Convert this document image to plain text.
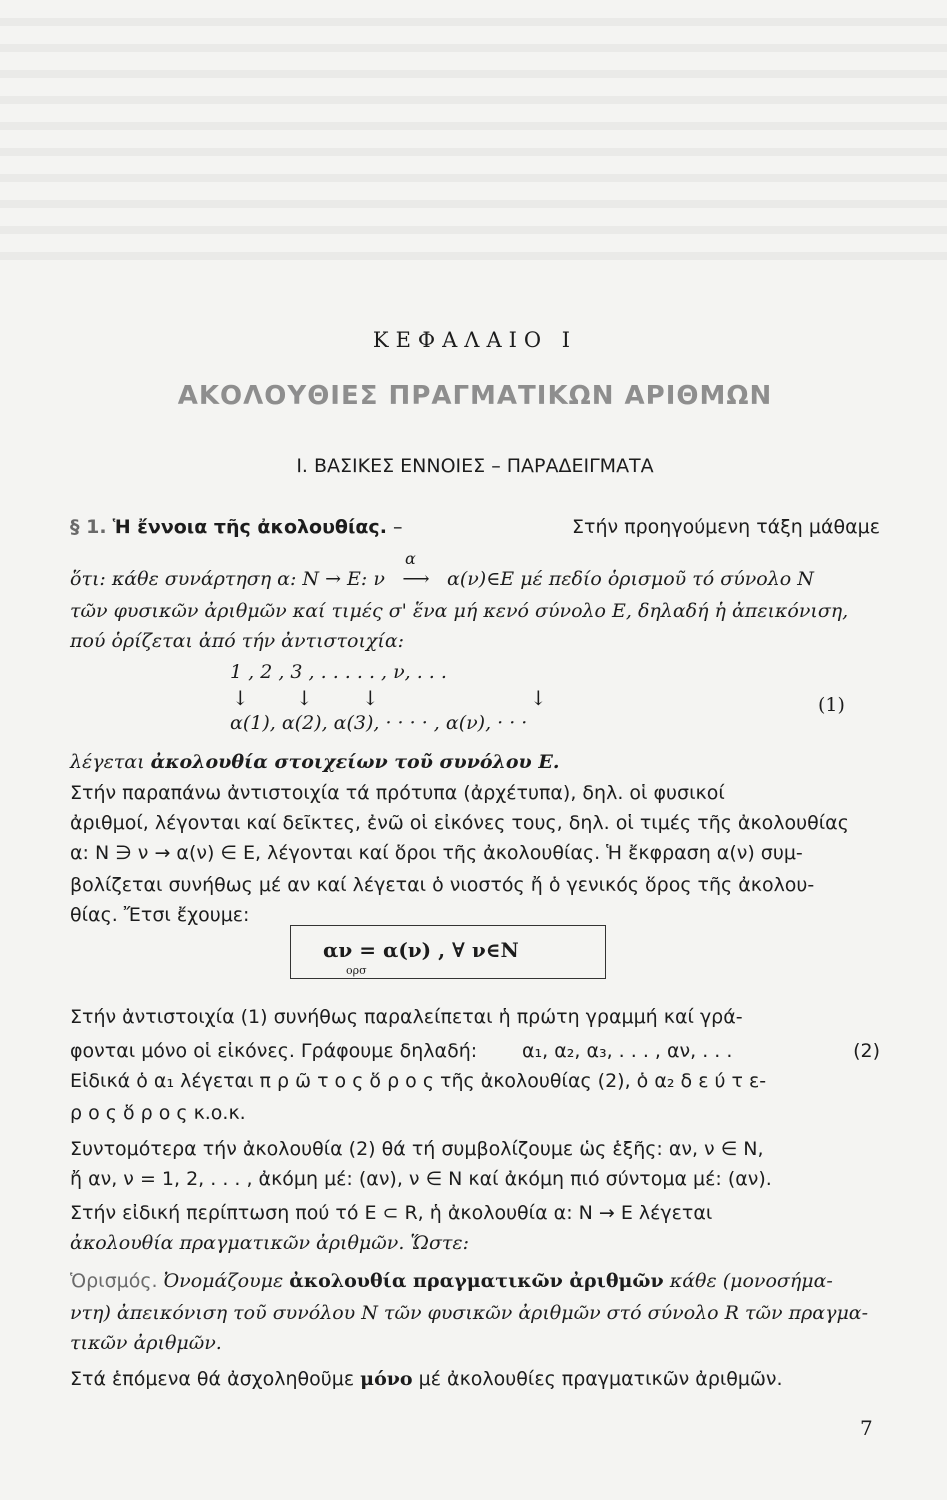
ΚΕΦΑΛΑΙΟ Ι
ΑΚΟΛΟΥΘΙΕΣ ΠΡΑΓΜΑΤΙΚΩΝ ΑΡΙΘΜΩΝ
Ι. ΒΑΣΙΚΕΣ ΕΝΝΟΙΕΣ – ΠΑΡΑΔΕΙΓΜΑΤΑ
§ 1. Ἡ ἔννοια τῆς ἀκολουθίας. –	Στήν προηγούμενη τάξη μάθαμε
ὅτι: κάθε συνάρτηση α: N → E: ν
α
⟶ α(ν)∈E μέ πεδίο ὁρισμοῦ τό σύνολο N
τῶν φυσικῶν ἀριθμῶν καί τιμές σ' ἕνα μή κενό σύνολο Ε, δηλαδή ἡ ἀπεικόνιση,
πού ὁρίζεται ἀπό τήν ἀντιστοιχία:
1 , 2 , 3 , . . . . . , ν, . . .
↓ ↓ ↓	↓
α(1), α(2), α(3), · · · · , α(ν), · · ·
(1)
λέγεται ἀκολουθία στοιχείων τοῦ συνόλου Ε.
Στήν παραπάνω ἀντιστοιχία τά πρότυπα (ἀρχέτυπα), δηλ. οἱ φυσικοί
ἀριθμοί, λέγονται καί δεῖκτες, ἐνῶ οἱ εἰκόνες τους, δηλ. οἱ τιμές τῆς ἀκολουθίας
α: N ∋ ν → α(ν) ∈ Ε, λέγονται καί ὅροι τῆς ἀκολουθίας. Ἡ ἔκφραση α(ν) συμ-
βολίζεται συνήθως μέ αν καί λέγεται ὁ νιοστός ἤ ὁ γενικός ὅρος τῆς ἀκολου-
θίας. Ἔτσι ἔχουμε:
αν = α(ν) , ∀ ν∈N
ορσ
Στήν ἀντιστοιχία (1) συνήθως παραλείπεται ἡ πρώτη γραμμή καί γρά-
φονται μόνο οἱ εἰκόνες. Γράφουμε δηλαδή: α₁, α₂, α₃, . . . , αν, . . .	(2)
Εἰδικά ὁ α₁ λέγεται π ρ ῶ τ ο ς ὅ ρ ο ς τῆς ἀκολουθίας (2), ὁ α₂ δ ε ύ τ ε-
ρ ο ς ὅ ρ ο ς κ.ο.κ.
Συντομότερα τήν ἀκολουθία (2) θά τή συμβολίζουμε ὡς ἑξῆς: αν, ν ∈ N,
ἤ αν, ν = 1, 2, . . . , ἀκόμη μέ: (αν), ν ∈ N καί ἀκόμη πιό σύντομα μέ: (αν).
Στήν εἰδική περίπτωση πού τό E ⊂ R, ἡ ἀκολουθία α: N → Ε λέγεται
ἀκολουθία πραγματικῶν ἀριθμῶν. Ὥστε:
Ὁρισμός. Ὀνομάζουμε ἀκολουθία πραγματικῶν ἀριθμῶν κάθε (μονοσήμα-
ντη) ἀπεικόνιση τοῦ συνόλου N τῶν φυσικῶν ἀριθμῶν στό σύνολο R τῶν πραγμα-
τικῶν ἀριθμῶν.
Στά ἑπόμενα θά ἀσχοληθοῦμε μόνο μέ ἀκολουθίες πραγματικῶν ἀριθμῶν.
7
